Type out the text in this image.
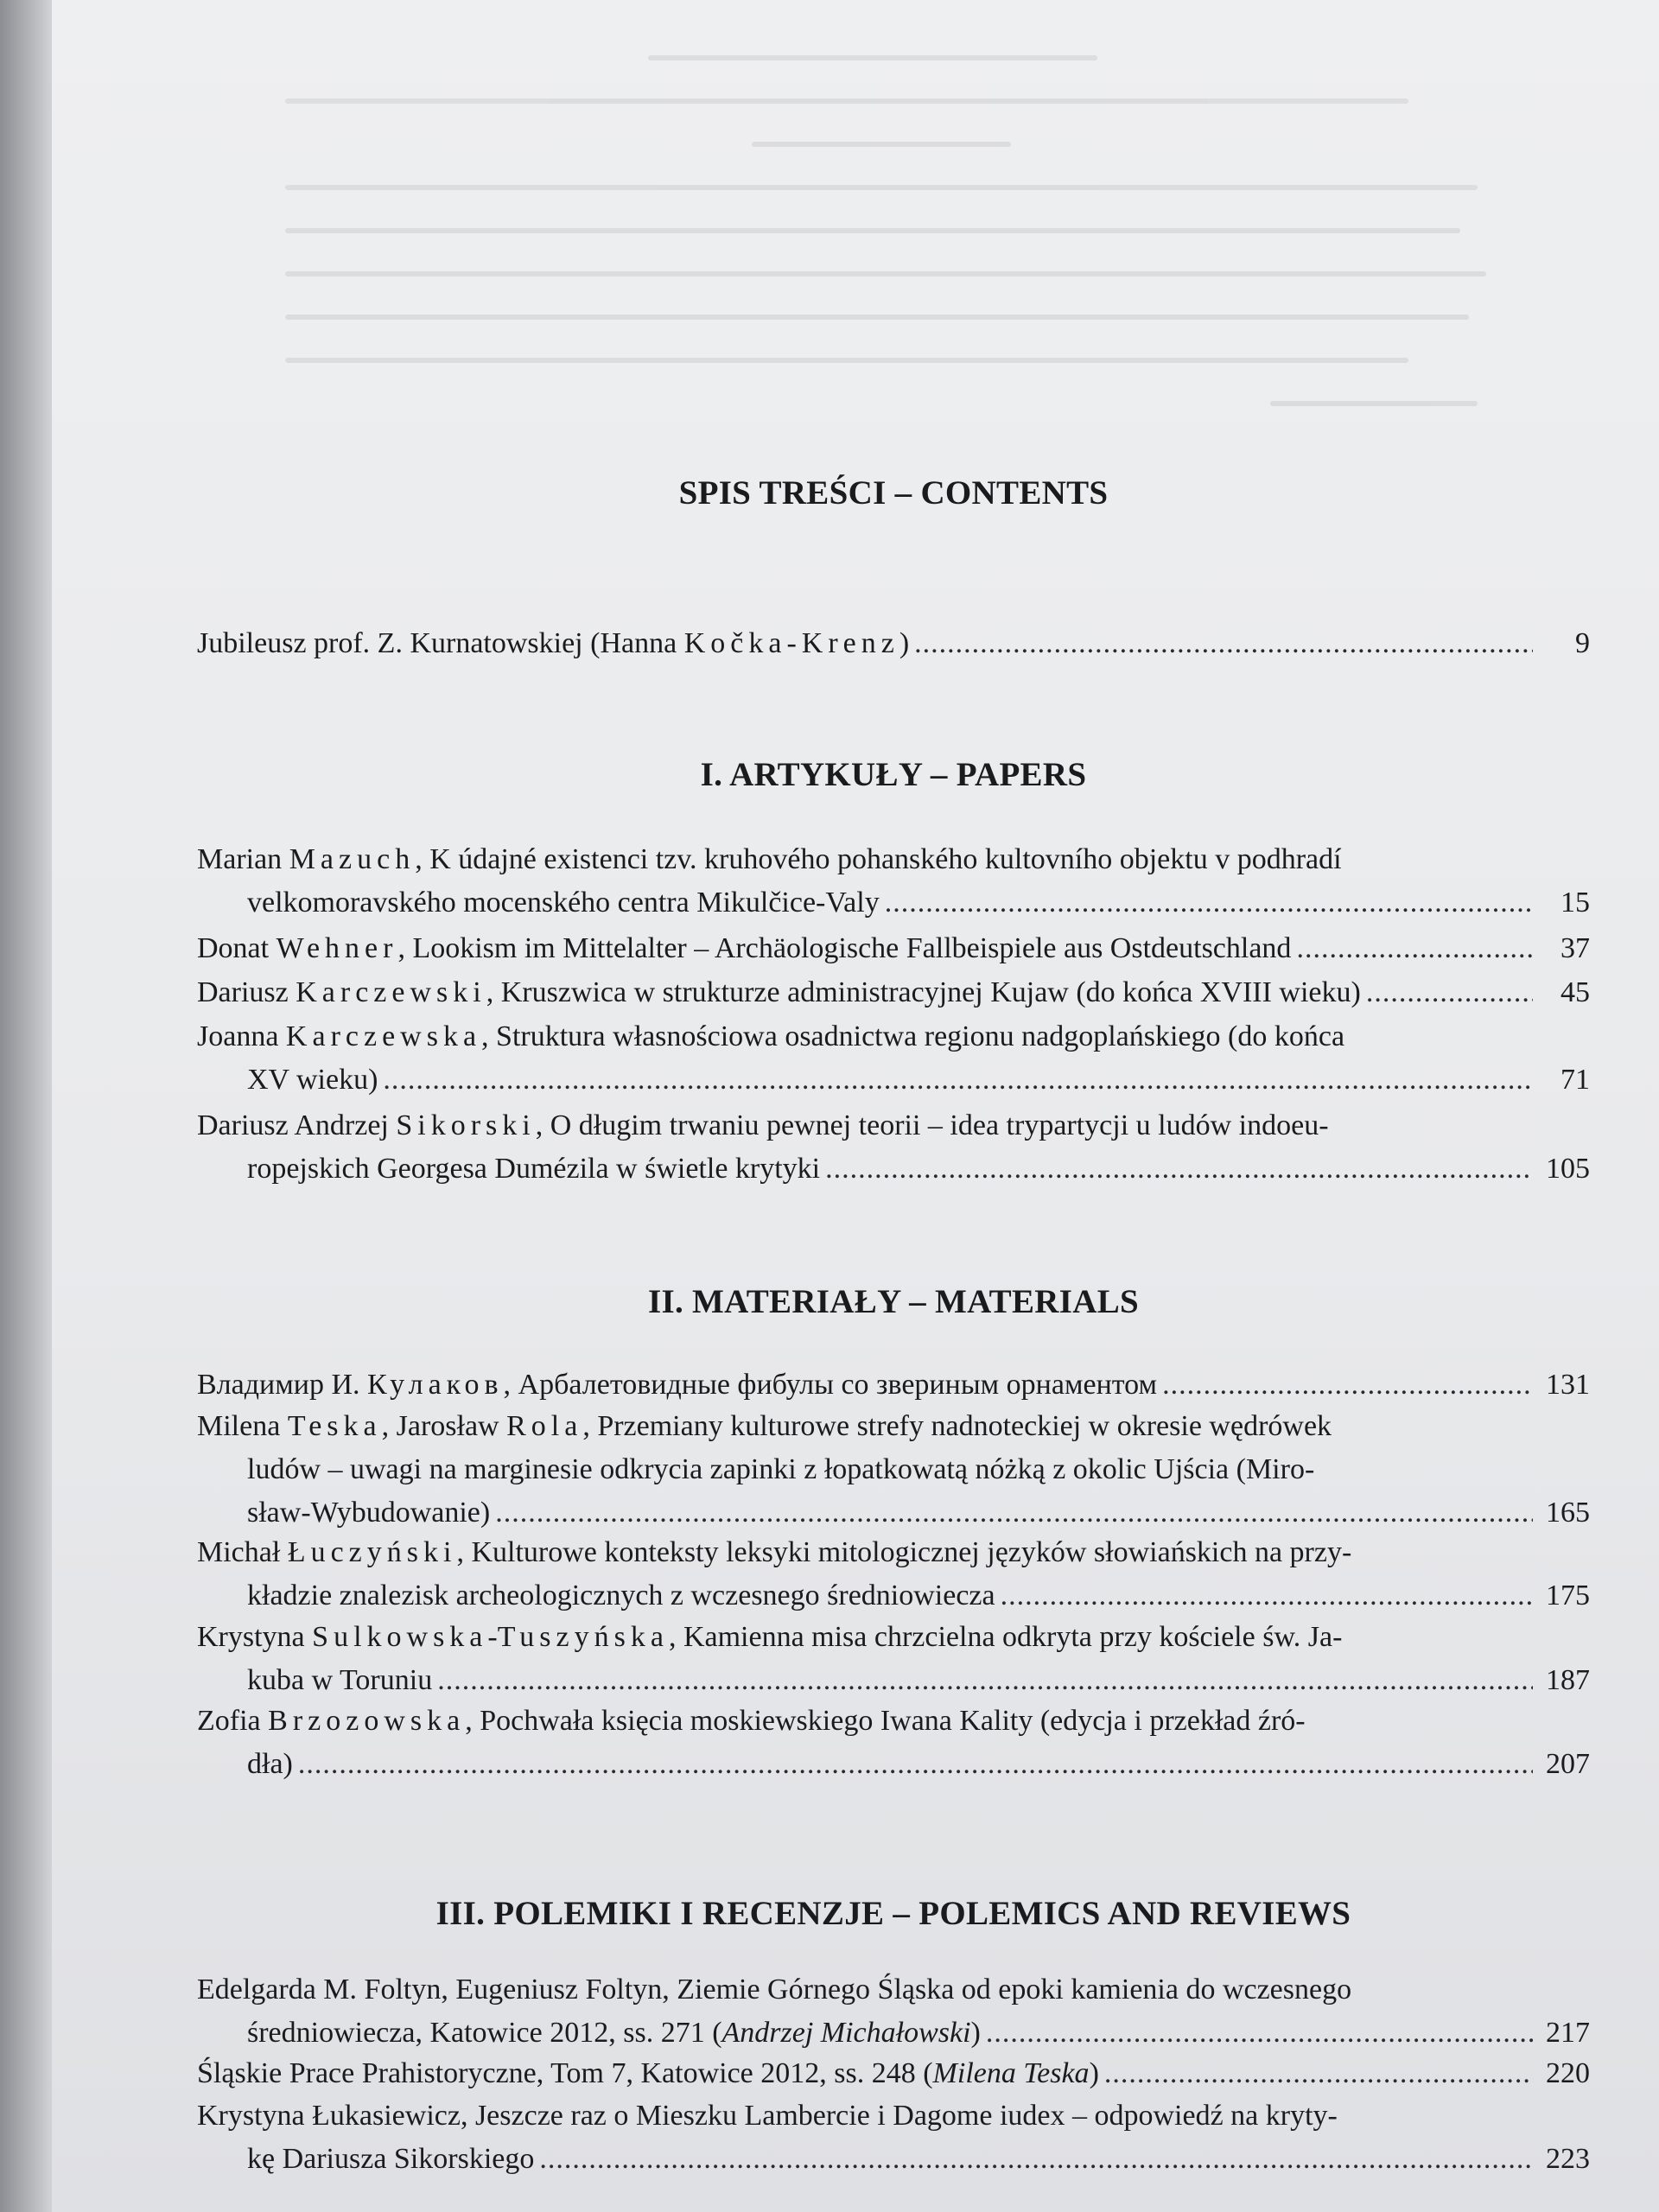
SPIS TREŚCI – CONTENTS
Jubileusz prof. Z. Kurnatowskiej (Hanna Kočka-Krenz) .....	9
I. ARTYKUŁY – PAPERS
Marian Mazuch, K údajné existenci tzv. kruhového pohanského kultovního objektu v podhradí
velkomoravského mocenského centra Mikulčice-Valy .....	15
Donat Wehner, Lookism im Mittelalter – Archäologische Fallbeispiele aus Ostdeutschland .....	37
Dariusz Karczewski, Kruszwica w strukturze administracyjnej Kujaw (do końca XVIII wieku) .....	45
Joanna Karczewska, Struktura własnościowa osadnictwa regionu nadgoplańskiego (do końca
XV wieku) .....	71
Dariusz Andrzej Sikorski, O długim trwaniu pewnej teorii – idea trypartycji u ludów indoeu-
ropejskich Georgesa Dumézila w świetle krytyki .....	105
II. MATERIAŁY – MATERIALS
Владимир И. Кулаков, Арбалетовидные фибулы со звериным орнаментом .....	131
Milena Teska, Jarosław Rola, Przemiany kulturowe strefy nadnoteckiej w okresie wędrówek
ludów – uwagi na marginesie odkrycia zapinki z łopatkowatą nóżką z okolic Ujścia (Miro-
sław-Wybudowanie) .....	165
Michał Łuczyński, Kulturowe konteksty leksyki mitologicznej języków słowiańskich na przy-
kładzie znalezisk archeologicznych z wczesnego średniowiecza .....	175
Krystyna Sulkowska-Tuszyńska, Kamienna misa chrzcielna odkryta przy kościele św. Ja-
kuba w Toruniu .....	187
Zofia Brzozowska, Pochwała księcia moskiewskiego Iwana Kality (edycja i przekład źró-
dła) .....	207
III. POLEMIKI I RECENZJE – POLEMICS AND REVIEWS
Edelgarda M. Foltyn, Eugeniusz Foltyn, Ziemie Górnego Śląska od epoki kamienia do wczesnego
średniowiecza, Katowice 2012, ss. 271 (Andrzej Michałowski) .....	217
Śląskie Prace Prahistoryczne, Tom 7, Katowice 2012, ss. 248 (Milena Teska) .....	220
Krystyna Łukasiewicz, Jeszcze raz o Mieszku Lambercie i Dagome iudex – odpowiedź na kryty-
kę Dariusza Sikorskiego .....	223
